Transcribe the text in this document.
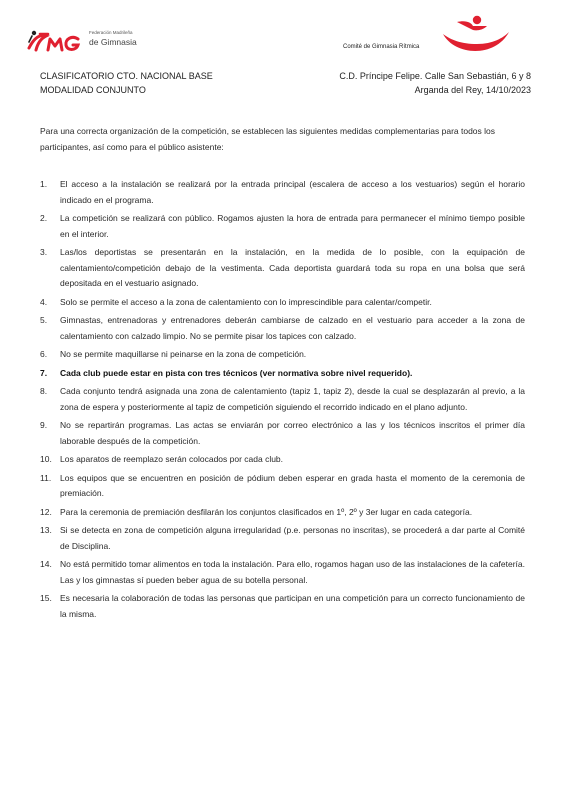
Federación Madrileña
de Gimnasia	Comité de Gimnasia Rítmica
CLASIFICATORIO CTO. NACIONAL BASE
MODALIDAD CONJUNTO
C.D. Príncipe Felipe. Calle San Sebastián, 6 y 8
Arganda del Rey, 14/10/2023
Para una correcta organización de la competición, se establecen las siguientes medidas complementarias para todos los participantes, así como para el público asistente:
1. El acceso a la instalación se realizará por la entrada principal (escalera de acceso a los vestuarios) según el horario indicado en el programa.
2. La competición se realizará con público. Rogamos ajusten la hora de entrada para permanecer el mínimo tiempo posible en el interior.
3. Las/los deportistas se presentarán en la instalación, en la medida de lo posible, con la equipación de calentamiento/competición debajo de la vestimenta. Cada deportista guardará toda su ropa en una bolsa que será depositada en el vestuario asignado.
4. Solo se permite el acceso a la zona de calentamiento con lo imprescindible para calentar/competir.
5. Gimnastas, entrenadoras y entrenadores deberán cambiarse de calzado en el vestuario para acceder a la zona de calentamiento con calzado limpio. No se permite pisar los tapices con calzado.
6. No se permite maquillarse ni peinarse en la zona de competición.
7. Cada club puede estar en pista con tres técnicos (ver normativa sobre nivel requerido).
8. Cada conjunto tendrá asignada una zona de calentamiento (tapiz 1, tapiz 2), desde la cual se desplazarán al previo, a la zona de espera y posteriormente al tapiz de competición siguiendo el recorrido indicado en el plano adjunto.
9. No se repartirán programas. Las actas se enviarán por correo electrónico a las y los técnicos inscritos el primer día laborable después de la competición.
10. Los aparatos de reemplazo serán colocados por cada club.
11. Los equipos que se encuentren en posición de pódium deben esperar en grada hasta el momento de la ceremonia de premiación.
12. Para la ceremonia de premiación desfilarán los conjuntos clasificados en 1º, 2º y 3er lugar en cada categoría.
13. Si se detecta en zona de competición alguna irregularidad (p.e. personas no inscritas), se procederá a dar parte al Comité de Disciplina.
14. No está permitido tomar alimentos en toda la instalación. Para ello, rogamos hagan uso de las instalaciones de la cafetería. Las y los gimnastas sí pueden beber agua de su botella personal.
15. Es necesaria la colaboración de todas las personas que participan en una competición para un correcto funcionamiento de la misma.
